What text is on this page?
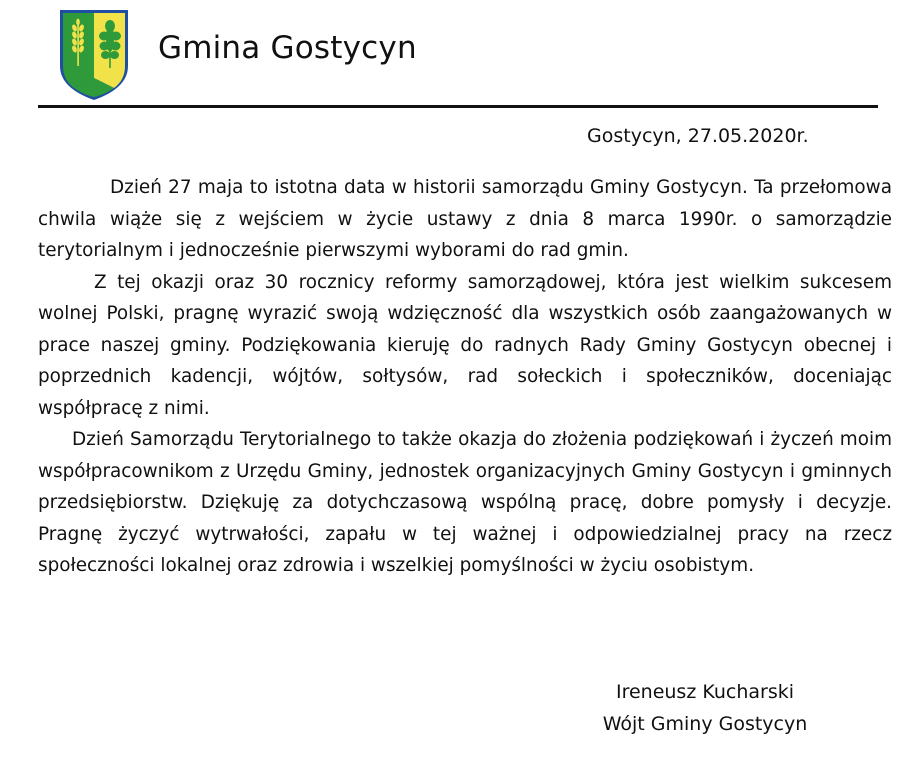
Gmina Gostycyn
Gostycyn, 27.05.2020r.

Dzień 27 maja to istotna data w historii samorządu Gminy Gostycyn. Ta przełomowa chwila wiąże się z wejściem w życie ustawy z dnia 8 marca 1990r. o samorządzie terytorialnym i jednocześnie pierwszymi wyborami do rad gmin.

Z tej okazji oraz 30 rocznicy reformy samorządowej, która jest wielkim sukcesem wolnej Polski, pragnę wyrazić swoją wdzięczność dla wszystkich osób zaangażowanych w prace naszej gminy. Podziękowania kieruję do radnych Rady Gminy Gostycyn obecnej i poprzednich kadencji, wójtów, sołtysów, rad sołeckich i społeczników, doceniając współpracę z nimi.

Dzień Samorządu Terytorialnego to także okazja do złożenia podziękowań i życzeń moim współpracownikom z Urzędu Gminy, jednostek organizacyjnych Gminy Gostycyn i gminnych przedsiębiorstw. Dziękuję za dotychczasową wspólną pracę, dobre pomysły i decyzje. Pragnę życzyć wytrwałości, zapału w tej ważnej i odpowiedzialnej pracy na rzecz społeczności lokalnej oraz zdrowia i wszelkiej pomyślności w życiu osobistym.

Ireneusz Kucharski
Wójt Gminy Gostycyn
